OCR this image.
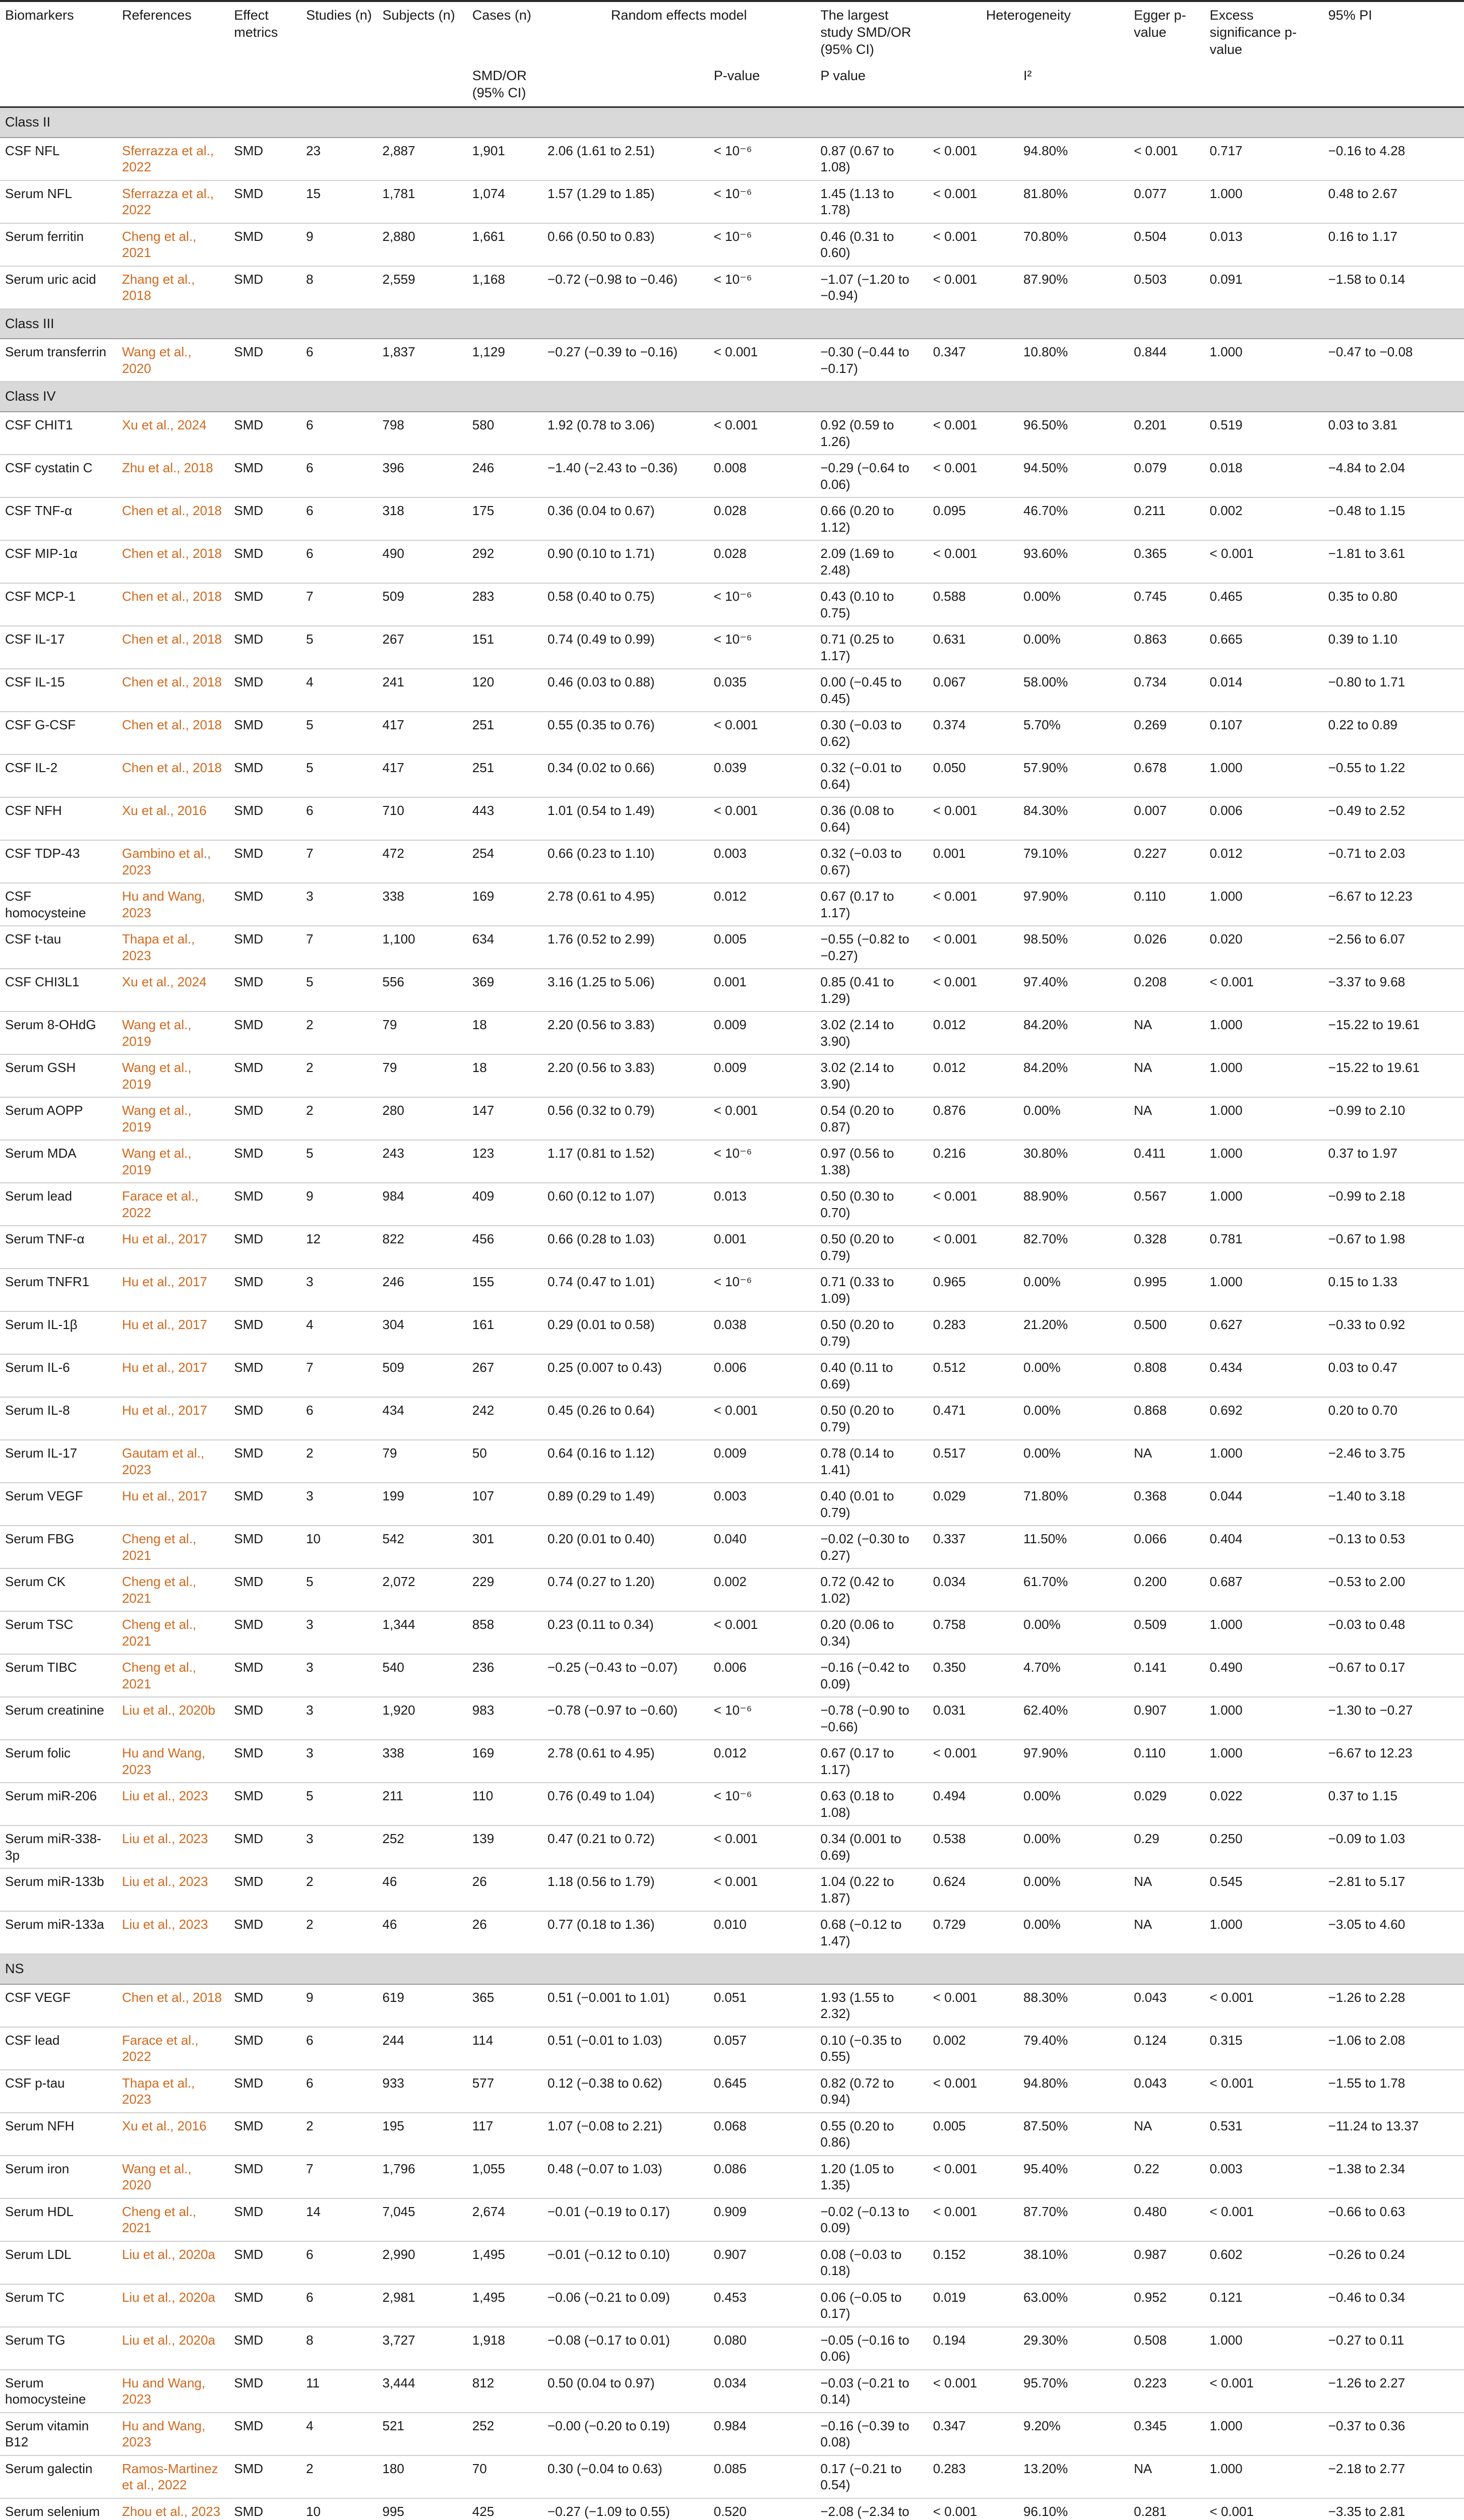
Biomarkers	References	Effect metrics	Studies (n)	Subjects (n)	Cases (n)	Random effects model		The largest study SMD/OR (95% CI)	Heterogeneity		Egger p-value	Excess significance p-value	95% PI
					SMD/OR (95% CI)		P-value	P value		I²			
Class II													
CSF NFL	Sferrazza et al., 2022	SMD	23	2,887	1,901	2.06 (1.61 to 2.51)	< 10⁻⁶	0.87 (0.67 to 1.08)	< 0.001	94.80%	< 0.001	0.717	−0.16 to 4.28
Serum NFL	Sferrazza et al., 2022	SMD	15	1,781	1,074	1.57 (1.29 to 1.85)	< 10⁻⁶	1.45 (1.13 to 1.78)	< 0.001	81.80%	0.077	1.000	0.48 to 2.67
Serum ferritin	Cheng et al., 2021	SMD	9	2,880	1,661	0.66 (0.50 to 0.83)	< 10⁻⁶	0.46 (0.31 to 0.60)	< 0.001	70.80%	0.504	0.013	0.16 to 1.17
Serum uric acid	Zhang et al., 2018	SMD	8	2,559	1,168	−0.72 (−0.98 to −0.46)	< 10⁻⁶	−1.07 (−1.20 to −0.94)	< 0.001	87.90%	0.503	0.091	−1.58 to 0.14
Class III													
Serum transferrin	Wang et al., 2020	SMD	6	1,837	1,129	−0.27 (−0.39 to −0.16)	< 0.001	−0.30 (−0.44 to −0.17)	0.347	10.80%	0.844	1.000	−0.47 to −0.08
Class IV													
CSF CHIT1	Xu et al., 2024	SMD	6	798	580	1.92 (0.78 to 3.06)	< 0.001	0.92 (0.59 to 1.26)	< 0.001	96.50%	0.201	0.519	0.03 to 3.81
CSF cystatin C	Zhu et al., 2018	SMD	6	396	246	−1.40 (−2.43 to −0.36)	0.008	−0.29 (−0.64 to 0.06)	< 0.001	94.50%	0.079	0.018	−4.84 to 2.04
CSF TNF-α	Chen et al., 2018	SMD	6	318	175	0.36 (0.04 to 0.67)	0.028	0.66 (0.20 to 1.12)	0.095	46.70%	0.211	0.002	−0.48 to 1.15
CSF MIP-1α	Chen et al., 2018	SMD	6	490	292	0.90 (0.10 to 1.71)	0.028	2.09 (1.69 to 2.48)	< 0.001	93.60%	0.365	< 0.001	−1.81 to 3.61
CSF MCP-1	Chen et al., 2018	SMD	7	509	283	0.58 (0.40 to 0.75)	< 10⁻⁶	0.43 (0.10 to 0.75)	0.588	0.00%	0.745	0.465	0.35 to 0.80
CSF IL-17	Chen et al., 2018	SMD	5	267	151	0.74 (0.49 to 0.99)	< 10⁻⁶	0.71 (0.25 to 1.17)	0.631	0.00%	0.863	0.665	0.39 to 1.10
CSF IL-15	Chen et al., 2018	SMD	4	241	120	0.46 (0.03 to 0.88)	0.035	0.00 (−0.45 to 0.45)	0.067	58.00%	0.734	0.014	−0.80 to 1.71
CSF G-CSF	Chen et al., 2018	SMD	5	417	251	0.55 (0.35 to 0.76)	< 0.001	0.30 (−0.03 to 0.62)	0.374	5.70%	0.269	0.107	0.22 to 0.89
CSF IL-2	Chen et al., 2018	SMD	5	417	251	0.34 (0.02 to 0.66)	0.039	0.32 (−0.01 to 0.64)	0.050	57.90%	0.678	1.000	−0.55 to 1.22
CSF NFH	Xu et al., 2016	SMD	6	710	443	1.01 (0.54 to 1.49)	< 0.001	0.36 (0.08 to 0.64)	< 0.001	84.30%	0.007	0.006	−0.49 to 2.52
CSF TDP-43	Gambino et al., 2023	SMD	7	472	254	0.66 (0.23 to 1.10)	0.003	0.32 (−0.03 to 0.67)	0.001	79.10%	0.227	0.012	−0.71 to 2.03
CSF homocysteine	Hu and Wang, 2023	SMD	3	338	169	2.78 (0.61 to 4.95)	0.012	0.67 (0.17 to 1.17)	< 0.001	97.90%	0.110	1.000	−6.67 to 12.23
CSF t-tau	Thapa et al., 2023	SMD	7	1,100	634	1.76 (0.52 to 2.99)	0.005	−0.55 (−0.82 to −0.27)	< 0.001	98.50%	0.026	0.020	−2.56 to 6.07
CSF CHI3L1	Xu et al., 2024	SMD	5	556	369	3.16 (1.25 to 5.06)	0.001	0.85 (0.41 to 1.29)	< 0.001	97.40%	0.208	< 0.001	−3.37 to 9.68
Serum 8-OHdG	Wang et al., 2019	SMD	2	79	18	2.20 (0.56 to 3.83)	0.009	3.02 (2.14 to 3.90)	0.012	84.20%	NA	1.000	−15.22 to 19.61
Serum GSH	Wang et al., 2019	SMD	2	79	18	2.20 (0.56 to 3.83)	0.009	3.02 (2.14 to 3.90)	0.012	84.20%	NA	1.000	−15.22 to 19.61
Serum AOPP	Wang et al., 2019	SMD	2	280	147	0.56 (0.32 to 0.79)	< 0.001	0.54 (0.20 to 0.87)	0.876	0.00%	NA	1.000	−0.99 to 2.10
Serum MDA	Wang et al., 2019	SMD	5	243	123	1.17 (0.81 to 1.52)	< 10⁻⁶	0.97 (0.56 to 1.38)	0.216	30.80%	0.411	1.000	0.37 to 1.97
Serum lead	Farace et al., 2022	SMD	9	984	409	0.60 (0.12 to 1.07)	0.013	0.50 (0.30 to 0.70)	< 0.001	88.90%	0.567	1.000	−0.99 to 2.18
Serum TNF-α	Hu et al., 2017	SMD	12	822	456	0.66 (0.28 to 1.03)	0.001	0.50 (0.20 to 0.79)	< 0.001	82.70%	0.328	0.781	−0.67 to 1.98
Serum TNFR1	Hu et al., 2017	SMD	3	246	155	0.74 (0.47 to 1.01)	< 10⁻⁶	0.71 (0.33 to 1.09)	0.965	0.00%	0.995	1.000	0.15 to 1.33
Serum IL-1β	Hu et al., 2017	SMD	4	304	161	0.29 (0.01 to 0.58)	0.038	0.50 (0.20 to 0.79)	0.283	21.20%	0.500	0.627	−0.33 to 0.92
Serum IL-6	Hu et al., 2017	SMD	7	509	267	0.25 (0.007 to 0.43)	0.006	0.40 (0.11 to 0.69)	0.512	0.00%	0.808	0.434	0.03 to 0.47
Serum IL-8	Hu et al., 2017	SMD	6	434	242	0.45 (0.26 to 0.64)	< 0.001	0.50 (0.20 to 0.79)	0.471	0.00%	0.868	0.692	0.20 to 0.70
Serum IL-17	Gautam et al., 2023	SMD	2	79	50	0.64 (0.16 to 1.12)	0.009	0.78 (0.14 to 1.41)	0.517	0.00%	NA	1.000	−2.46 to 3.75
Serum VEGF	Hu et al., 2017	SMD	3	199	107	0.89 (0.29 to 1.49)	0.003	0.40 (0.01 to 0.79)	0.029	71.80%	0.368	0.044	−1.40 to 3.18
Serum FBG	Cheng et al., 2021	SMD	10	542	301	0.20 (0.01 to 0.40)	0.040	−0.02 (−0.30 to 0.27)	0.337	11.50%	0.066	0.404	−0.13 to 0.53
Serum CK	Cheng et al., 2021	SMD	5	2,072	229	0.74 (0.27 to 1.20)	0.002	0.72 (0.42 to 1.02)	0.034	61.70%	0.200	0.687	−0.53 to 2.00
Serum TSC	Cheng et al., 2021	SMD	3	1,344	858	0.23 (0.11 to 0.34)	< 0.001	0.20 (0.06 to 0.34)	0.758	0.00%	0.509	1.000	−0.03 to 0.48
Serum TIBC	Cheng et al., 2021	SMD	3	540	236	−0.25 (−0.43 to −0.07)	0.006	−0.16 (−0.42 to 0.09)	0.350	4.70%	0.141	0.490	−0.67 to 0.17
Serum creatinine	Liu et al., 2020b	SMD	3	1,920	983	−0.78 (−0.97 to −0.60)	< 10⁻⁶	−0.78 (−0.90 to −0.66)	0.031	62.40%	0.907	1.000	−1.30 to −0.27
Serum folic	Hu and Wang, 2023	SMD	3	338	169	2.78 (0.61 to 4.95)	0.012	0.67 (0.17 to 1.17)	< 0.001	97.90%	0.110	1.000	−6.67 to 12.23
Serum miR-206	Liu et al., 2023	SMD	5	211	110	0.76 (0.49 to 1.04)	< 10⁻⁶	0.63 (0.18 to 1.08)	0.494	0.00%	0.029	0.022	0.37 to 1.15
Serum miR-338-3p	Liu et al., 2023	SMD	3	252	139	0.47 (0.21 to 0.72)	< 0.001	0.34 (0.001 to 0.69)	0.538	0.00%	0.29	0.250	−0.09 to 1.03
Serum miR-133b	Liu et al., 2023	SMD	2	46	26	1.18 (0.56 to 1.79)	< 0.001	1.04 (0.22 to 1.87)	0.624	0.00%	NA	0.545	−2.81 to 5.17
Serum miR-133a	Liu et al., 2023	SMD	2	46	26	0.77 (0.18 to 1.36)	0.010	0.68 (−0.12 to 1.47)	0.729	0.00%	NA	1.000	−3.05 to 4.60
NS													
CSF VEGF	Chen et al., 2018	SMD	9	619	365	0.51 (−0.001 to 1.01)	0.051	1.93 (1.55 to 2.32)	< 0.001	88.30%	0.043	< 0.001	−1.26 to 2.28
CSF lead	Farace et al., 2022	SMD	6	244	114	0.51 (−0.01 to 1.03)	0.057	0.10 (−0.35 to 0.55)	0.002	79.40%	0.124	0.315	−1.06 to 2.08
CSF p-tau	Thapa et al., 2023	SMD	6	933	577	0.12 (−0.38 to 0.62)	0.645	0.82 (0.72 to 0.94)	< 0.001	94.80%	0.043	< 0.001	−1.55 to 1.78
Serum NFH	Xu et al., 2016	SMD	2	195	117	1.07 (−0.08 to 2.21)	0.068	0.55 (0.20 to 0.86)	0.005	87.50%	NA	0.531	−11.24 to 13.37
Serum iron	Wang et al., 2020	SMD	7	1,796	1,055	0.48 (−0.07 to 1.03)	0.086	1.20 (1.05 to 1.35)	< 0.001	95.40%	0.22	0.003	−1.38 to 2.34
Serum HDL	Cheng et al., 2021	SMD	14	7,045	2,674	−0.01 (−0.19 to 0.17)	0.909	−0.02 (−0.13 to 0.09)	< 0.001	87.70%	0.480	< 0.001	−0.66 to 0.63
Serum LDL	Liu et al., 2020a	SMD	6	2,990	1,495	−0.01 (−0.12 to 0.10)	0.907	0.08 (−0.03 to 0.18)	0.152	38.10%	0.987	0.602	−0.26 to 0.24
Serum TC	Liu et al., 2020a	SMD	6	2,981	1,495	−0.06 (−0.21 to 0.09)	0.453	0.06 (−0.05 to 0.17)	0.019	63.00%	0.952	0.121	−0.46 to 0.34
Serum TG	Liu et al., 2020a	SMD	8	3,727	1,918	−0.08 (−0.17 to 0.01)	0.080	−0.05 (−0.16 to 0.06)	0.194	29.30%	0.508	1.000	−0.27 to 0.11
Serum homocysteine	Hu and Wang, 2023	SMD	11	3,444	812	0.50 (0.04 to 0.97)	0.034	−0.03 (−0.21 to 0.14)	< 0.001	95.70%	0.223	< 0.001	−1.26 to 2.27
Serum vitamin B12	Hu and Wang, 2023	SMD	4	521	252	−0.00 (−0.20 to 0.19)	0.984	−0.16 (−0.39 to 0.08)	0.347	9.20%	0.345	1.000	−0.37 to 0.36
Serum galectin	Ramos-Martinez et al., 2022	SMD	2	180	70	0.30 (−0.04 to 0.63)	0.085	0.17 (−0.21 to 0.54)	0.283	13.20%	NA	1.000	−2.18 to 2.77
Serum selenium	Zhou et al., 2023	SMD	10	995	425	−0.27 (−1.09 to 0.55)	0.520	−2.08 (−2.34 to	< 0.001	96.10%	0.281	< 0.001	−3.35 to 2.81
